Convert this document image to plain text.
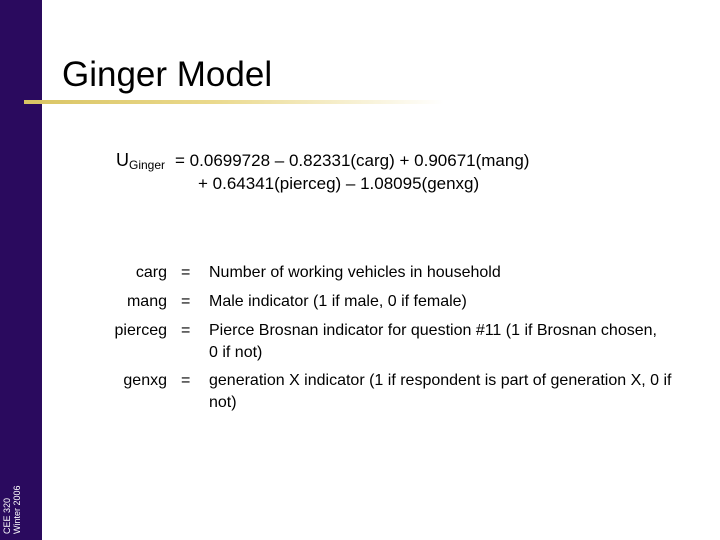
CEE 320 Winter 2006
Ginger Model
UGinger = 0.0699728 – 0.82331(carg) + 0.90671(mang)
+ 0.64341(pierceg) – 1.08095(genxg)
carg = Number of working vehicles in household
mang = Male indicator (1 if male, 0 if female)
pierceg = Pierce Brosnan indicator for question #11 (1 if Brosnan chosen, 0 if not)
genxg = generation X indicator (1 if respondent is part of generation X, 0 if not)
